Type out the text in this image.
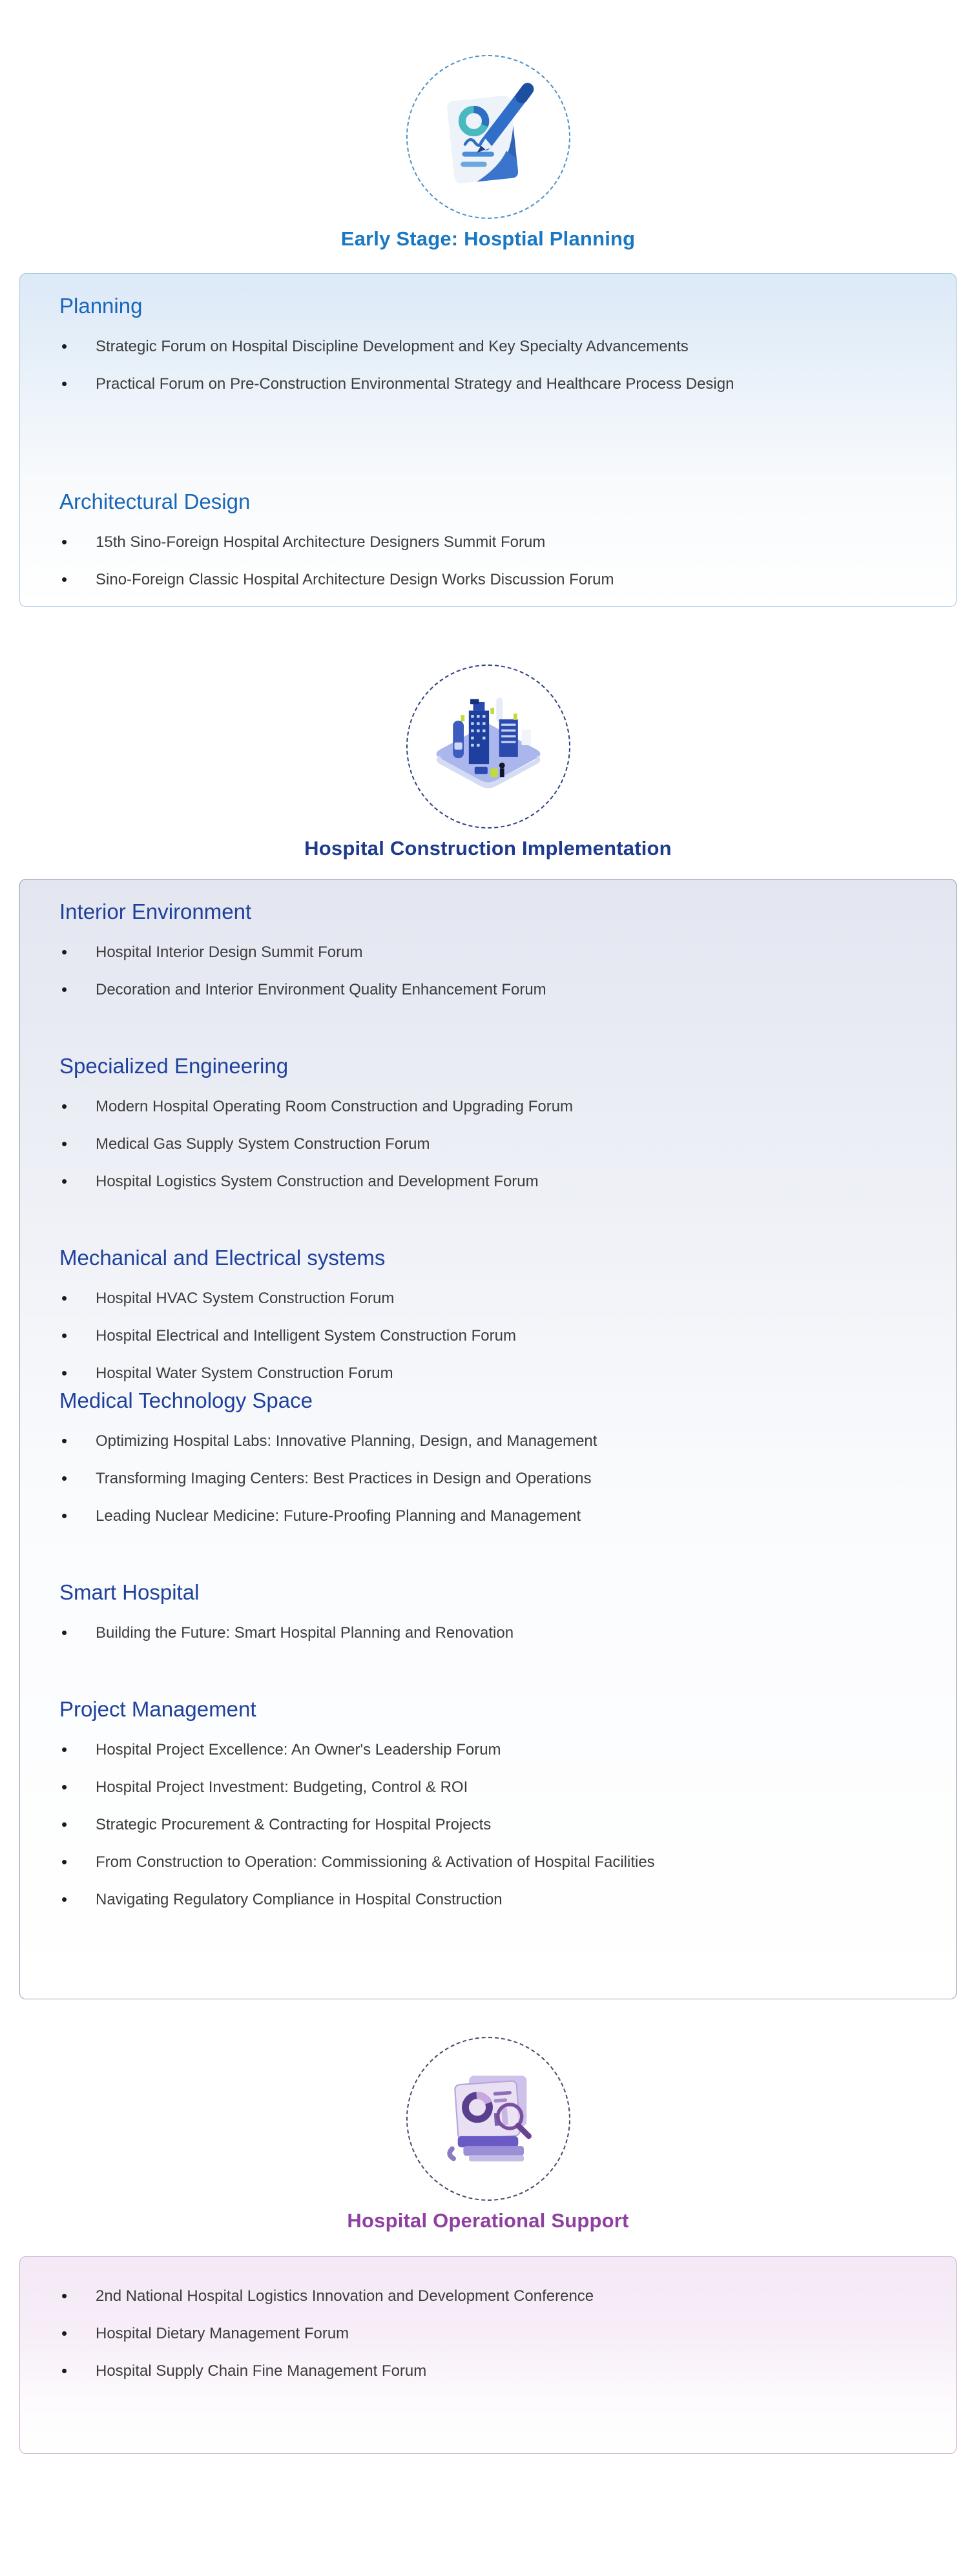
Early Stage: Hosptial Planning
Planning
• Strategic Forum on Hospital Discipline Development and Key Specialty Advancements
• Practical Forum on Pre-Construction Environmental Strategy and Healthcare Process Design
Architectural Design
• 15th Sino-Foreign Hospital Architecture Designers Summit Forum
• Sino-Foreign Classic Hospital Architecture Design Works Discussion Forum
Hospital Construction Implementation
Interior Environment
• Hospital Interior Design Summit Forum
• Decoration and Interior Environment Quality Enhancement Forum
Specialized Engineering
• Modern Hospital Operating Room Construction and Upgrading Forum
• Medical Gas Supply System Construction Forum
• Hospital Logistics System Construction and Development Forum
Mechanical and Electrical systems
• Hospital HVAC System Construction Forum
• Hospital Electrical and Intelligent System Construction Forum
• Hospital Water System Construction Forum
Medical Technology Space
• Optimizing Hospital Labs: Innovative Planning, Design, and Management
• Transforming Imaging Centers: Best Practices in Design and Operations
• Leading Nuclear Medicine: Future-Proofing Planning and Management
Smart Hospital
• Building the Future: Smart Hospital Planning and Renovation
Project Management
• Hospital Project Excellence: An Owner's Leadership Forum
• Hospital Project Investment: Budgeting, Control & ROI
• Strategic Procurement & Contracting for Hospital Projects
• From Construction to Operation: Commissioning & Activation of Hospital Facilities
• Navigating Regulatory Compliance in Hospital Construction
Hospital Operational Support
• 2nd National Hospital Logistics Innovation and Development Conference
• Hospital Dietary Management Forum
• Hospital Supply Chain Fine Management Forum
